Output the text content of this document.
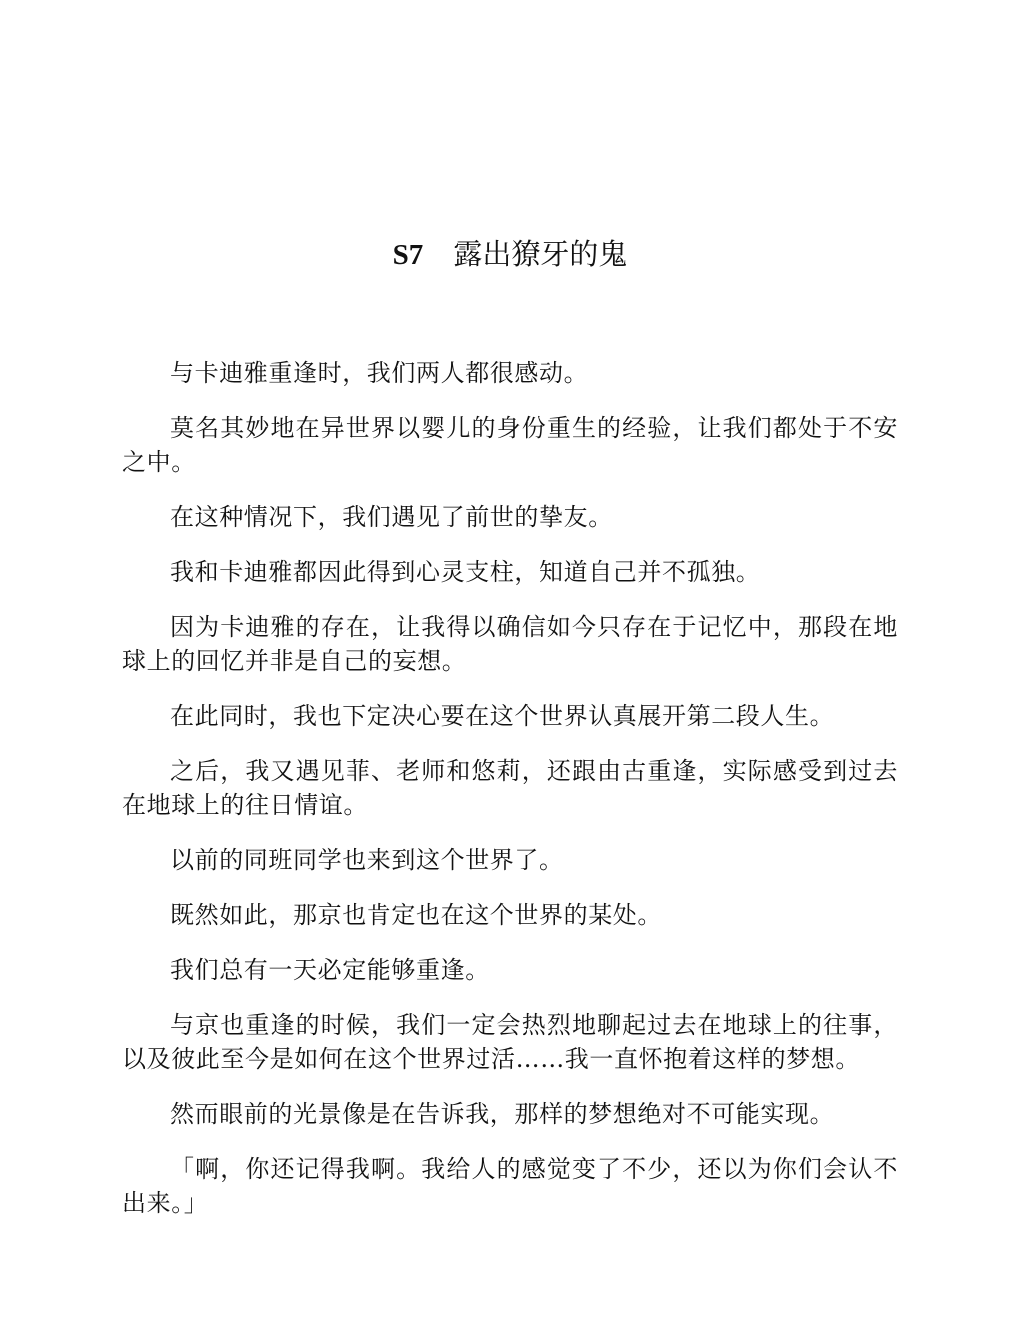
S7 露出獠牙的鬼

与卡迪雅重逢时，我们两人都很感动。

莫名其妙地在异世界以婴儿的身份重生的经验，让我们都处于不安之中。

在这种情况下，我们遇见了前世的挚友。

我和卡迪雅都因此得到心灵支柱，知道自己并不孤独。

因为卡迪雅的存在，让我得以确信如今只存在于记忆中，那段在地球上的回忆并非是自己的妄想。

在此同时，我也下定决心要在这个世界认真展开第二段人生。

之后，我又遇见菲、老师和悠莉，还跟由古重逢，实际感受到过去在地球上的往日情谊。

以前的同班同学也来到这个世界了。

既然如此，那京也肯定也在这个世界的某处。

我们总有一天必定能够重逢。

与京也重逢的时候，我们一定会热烈地聊起过去在地球上的往事，以及彼此至今是如何在这个世界过活……我一直怀抱着这样的梦想。

然而眼前的光景像是在告诉我，那样的梦想绝对不可能实现。

「啊，你还记得我啊。我给人的感觉变了不少，还以为你们会认不出来。」
